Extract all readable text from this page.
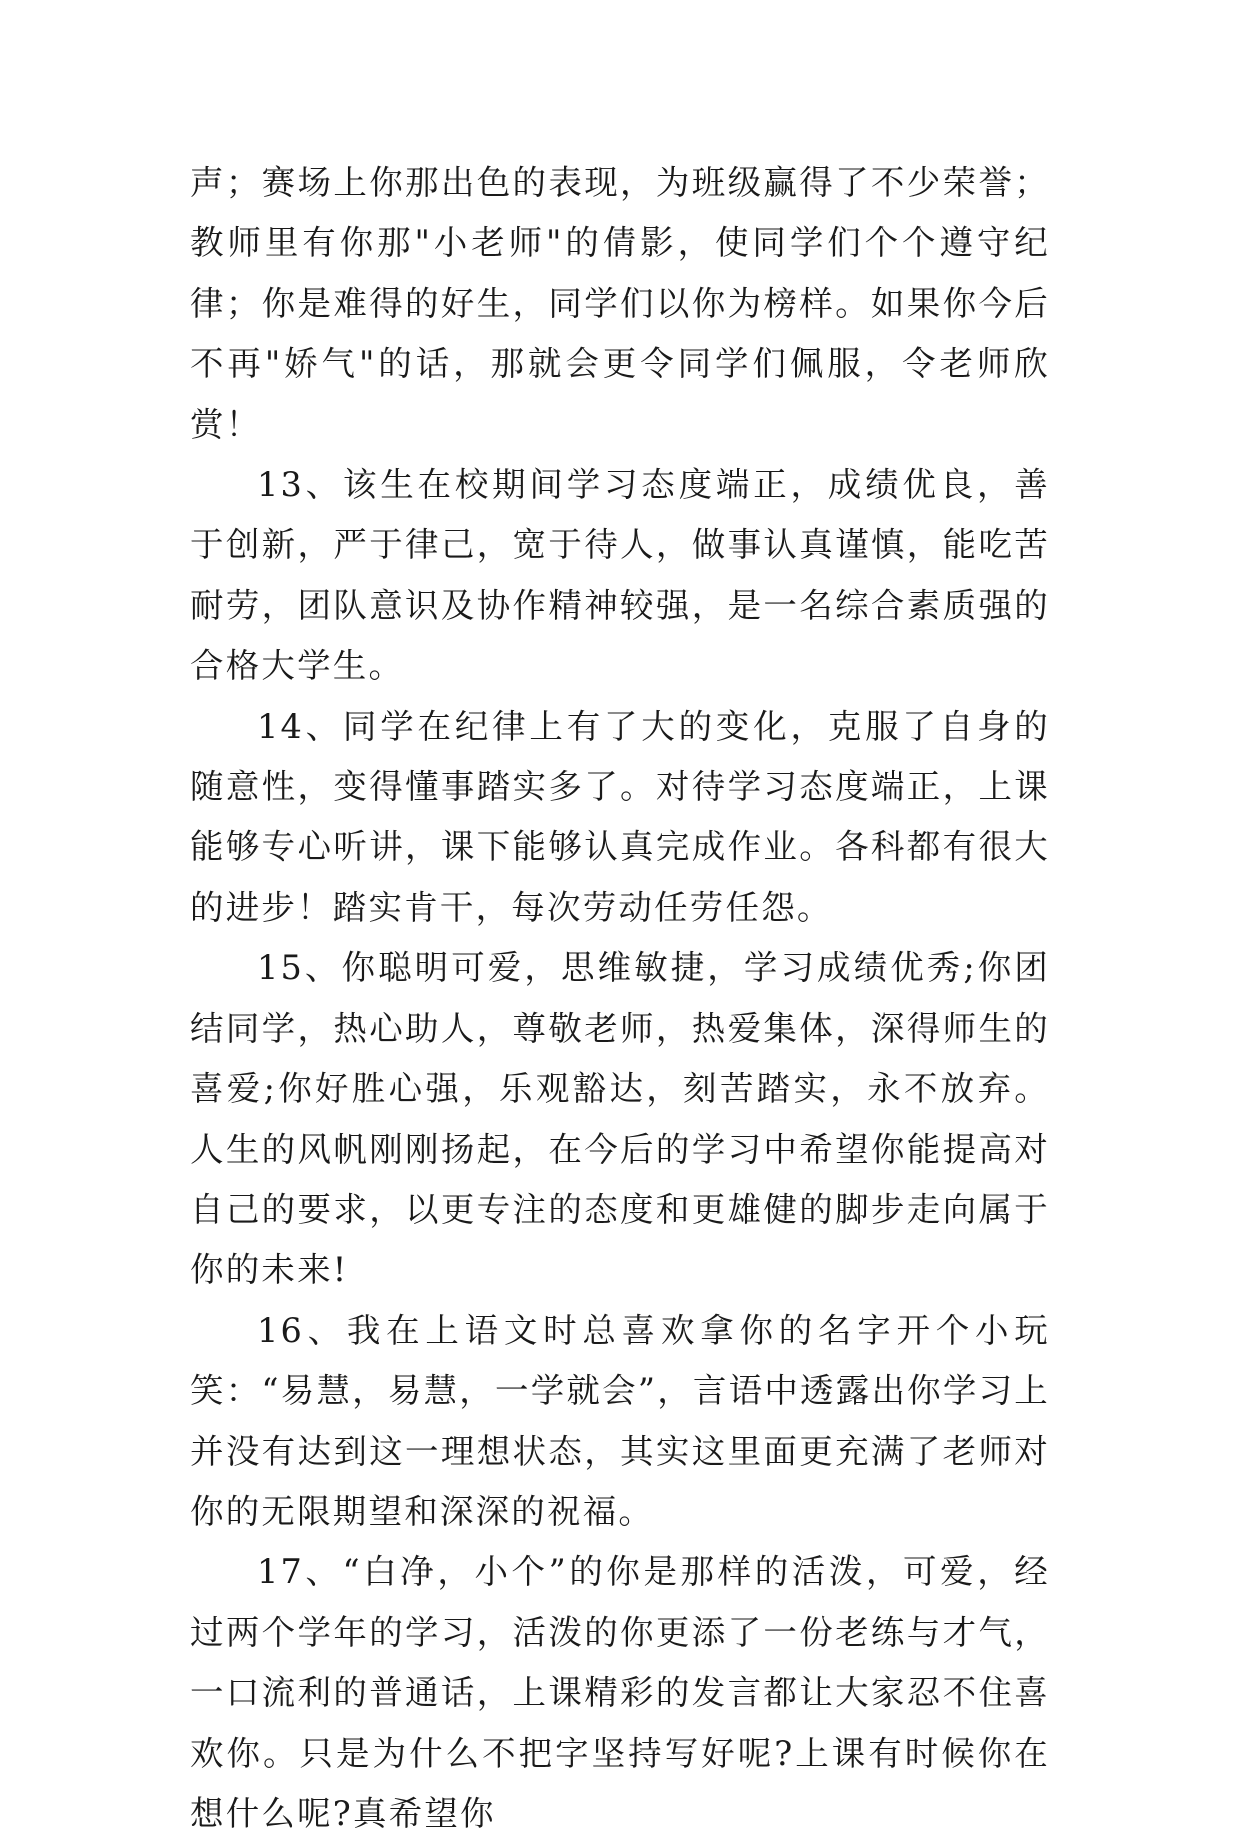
声；赛场上你那出色的表现，为班级赢得了不少荣誉；教师里有你那"小老师"的倩影，使同学们个个遵守纪律；你是难得的好生，同学们以你为榜样。如果你今后不再"娇气"的话，那就会更令同学们佩服，令老师欣赏！

13、该生在校期间学习态度端正，成绩优良，善于创新，严于律己，宽于待人，做事认真谨慎，能吃苦耐劳，团队意识及协作精神较强，是一名综合素质强的合格大学生。

14、同学在纪律上有了大的变化，克服了自身的随意性，变得懂事踏实多了。对待学习态度端正，上课能够专心听讲，课下能够认真完成作业。各科都有很大的进步！踏实肯干，每次劳动任劳任怨。

15、你聪明可爱，思维敏捷，学习成绩优秀;你团结同学，热心助人，尊敬老师，热爱集体，深得师生的喜爱;你好胜心强，乐观豁达，刻苦踏实，永不放弃。人生的风帆刚刚扬起，在今后的学习中希望你能提高对自己的要求，以更专注的态度和更雄健的脚步走向属于你的未来!

16、我在上语文时总喜欢拿你的名字开个小玩笑：“易慧，易慧，一学就会”，言语中透露出你学习上并没有达到这一理想状态，其实这里面更充满了老师对你的无限期望和深深的祝福。

17、“白净，小个”的你是那样的活泼，可爱，经过两个学年的学习，活泼的你更添了一份老练与才气，一口流利的普通话，上课精彩的发言都让大家忍不住喜欢你。只是为什么不把字坚持写好呢?上课有时候你在想什么呢?真希望你
